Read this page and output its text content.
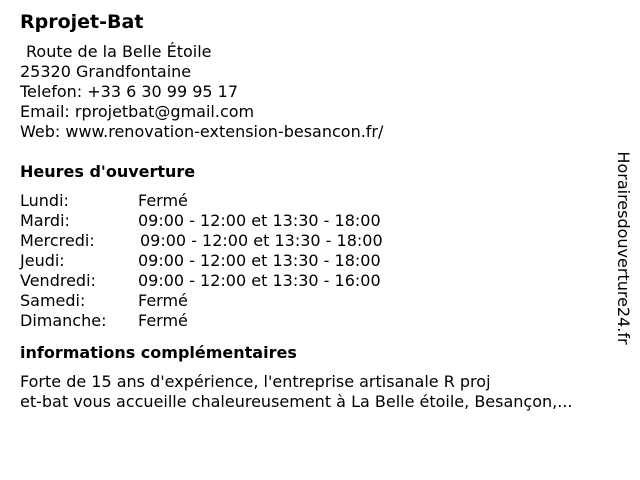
Rprojet-Bat
Route de la Belle Étoile
25320 Grandfontaine
Telefon: +33 6 30 99 95 17
Email: rprojetbat@gmail.com
Web: www.renovation-extension-besancon.fr/
Heures d'ouverture
Lundi:	Fermé
Mardi:	09:00 - 12:00 et 13:30 - 18:00
Mercredi:	09:00 - 12:00 et 13:30 - 18:00
Jeudi:	09:00 - 12:00 et 13:30 - 18:00
Vendredi:	09:00 - 12:00 et 13:30 - 16:00
Samedi:	Fermé
Dimanche:	Fermé
informations complémentaires
Forte de 15 ans d'expérience, l'entreprise artisanale R proj
et-bat vous accueille chaleureusement à La Belle étoile, Besançon,...
Horairesdouverture24.fr
